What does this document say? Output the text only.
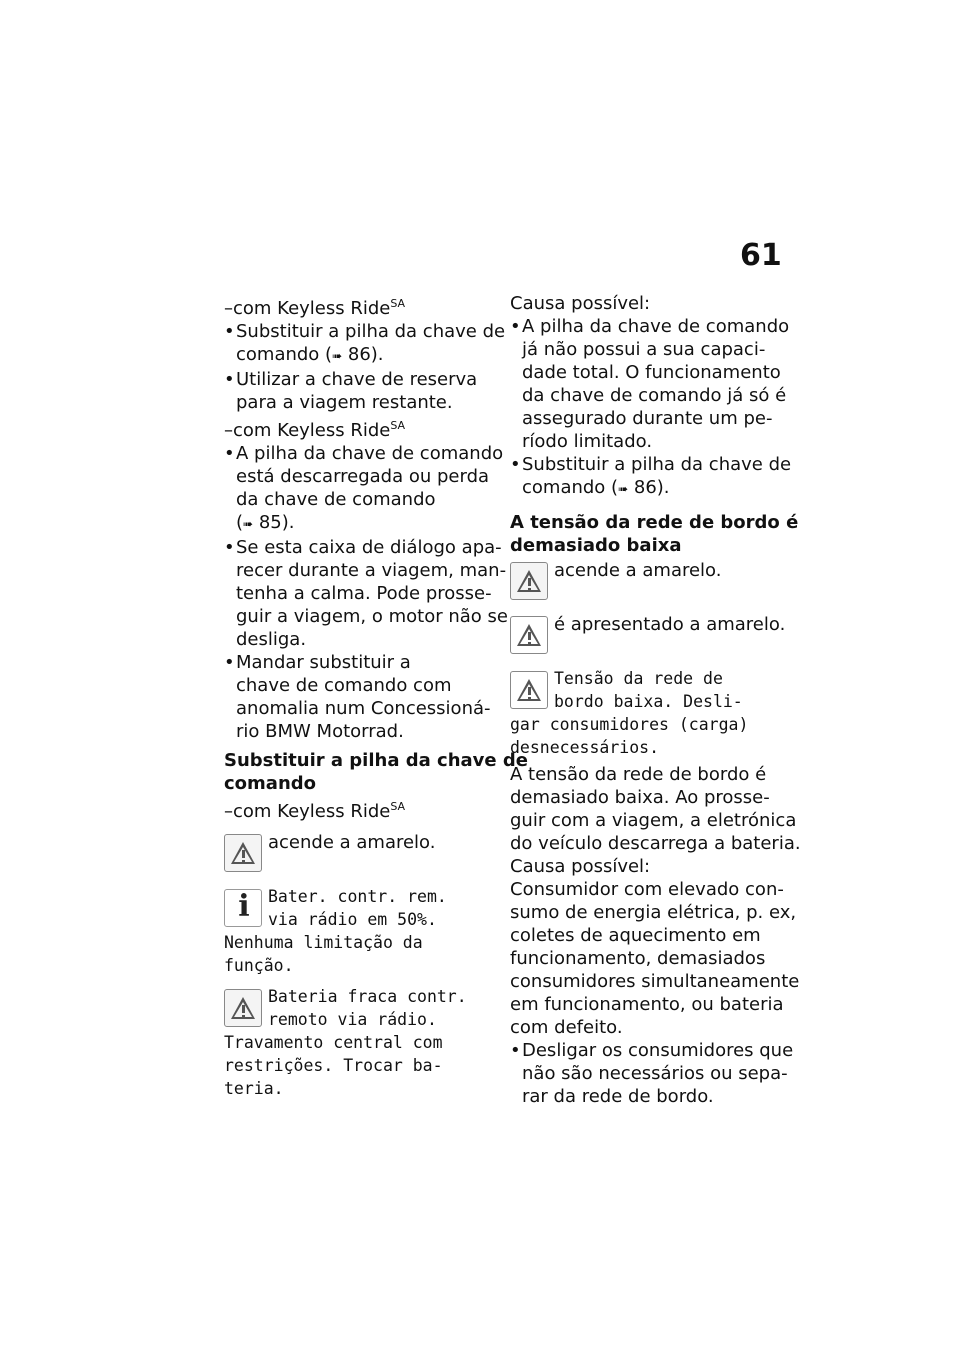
61
–com Keyless Ride$^{SA}$
• Substituir a pilha da chave de
comando (➠ 86).
• Utilizar a chave de reserva
para a viagem restante.
–com Keyless Ride$^{SA}$
• A pilha da chave de comando
está descarregada ou perda
da chave de comando
(➠ 85).
• Se esta caixa de diálogo apa-
recer durante a viagem, man-
tenha a calma. Pode prosse-
guir a viagem, o motor não se
desliga.
• Mandar substituir a
chave de comando com
anomalia num Concessioná-
rio BMW Motorrad.
Substituir a pilha da chave de
comando
–com Keyless Ride$^{SA}$
acende a amarelo.
i	Bater. contr. rem.
via rádio em 50%.
Nenhuma limitação da
função.
Bateria fraca contr.
remoto via rádio.
Travamento central com
restrições. Trocar ba-
teria.
Causa possível:
• A pilha da chave de comando
já não possui a sua capaci-
dade total. O funcionamento
da chave de comando já só é
assegurado durante um pe-
ríodo limitado.
• Substituir a pilha da chave de
comando (➠ 86).
A tensão da rede de bordo é
demasiado baixa
acende a amarelo.
é apresentado a amarelo.
Tensão da rede de
bordo baixa. Desli-
gar consumidores (carga)
desnecessários.
A tensão da rede de bordo é
demasiado baixa. Ao prosse-
guir com a viagem, a eletrónica
do veículo descarrega a bateria.
Causa possível:
Consumidor com elevado con-
sumo de energia elétrica, p. ex,
coletes de aquecimento em
funcionamento, demasiados
consumidores simultaneamente
em funcionamento, ou bateria
com defeito.
• Desligar os consumidores que
não são necessários ou sepa-
rar da rede de bordo.
